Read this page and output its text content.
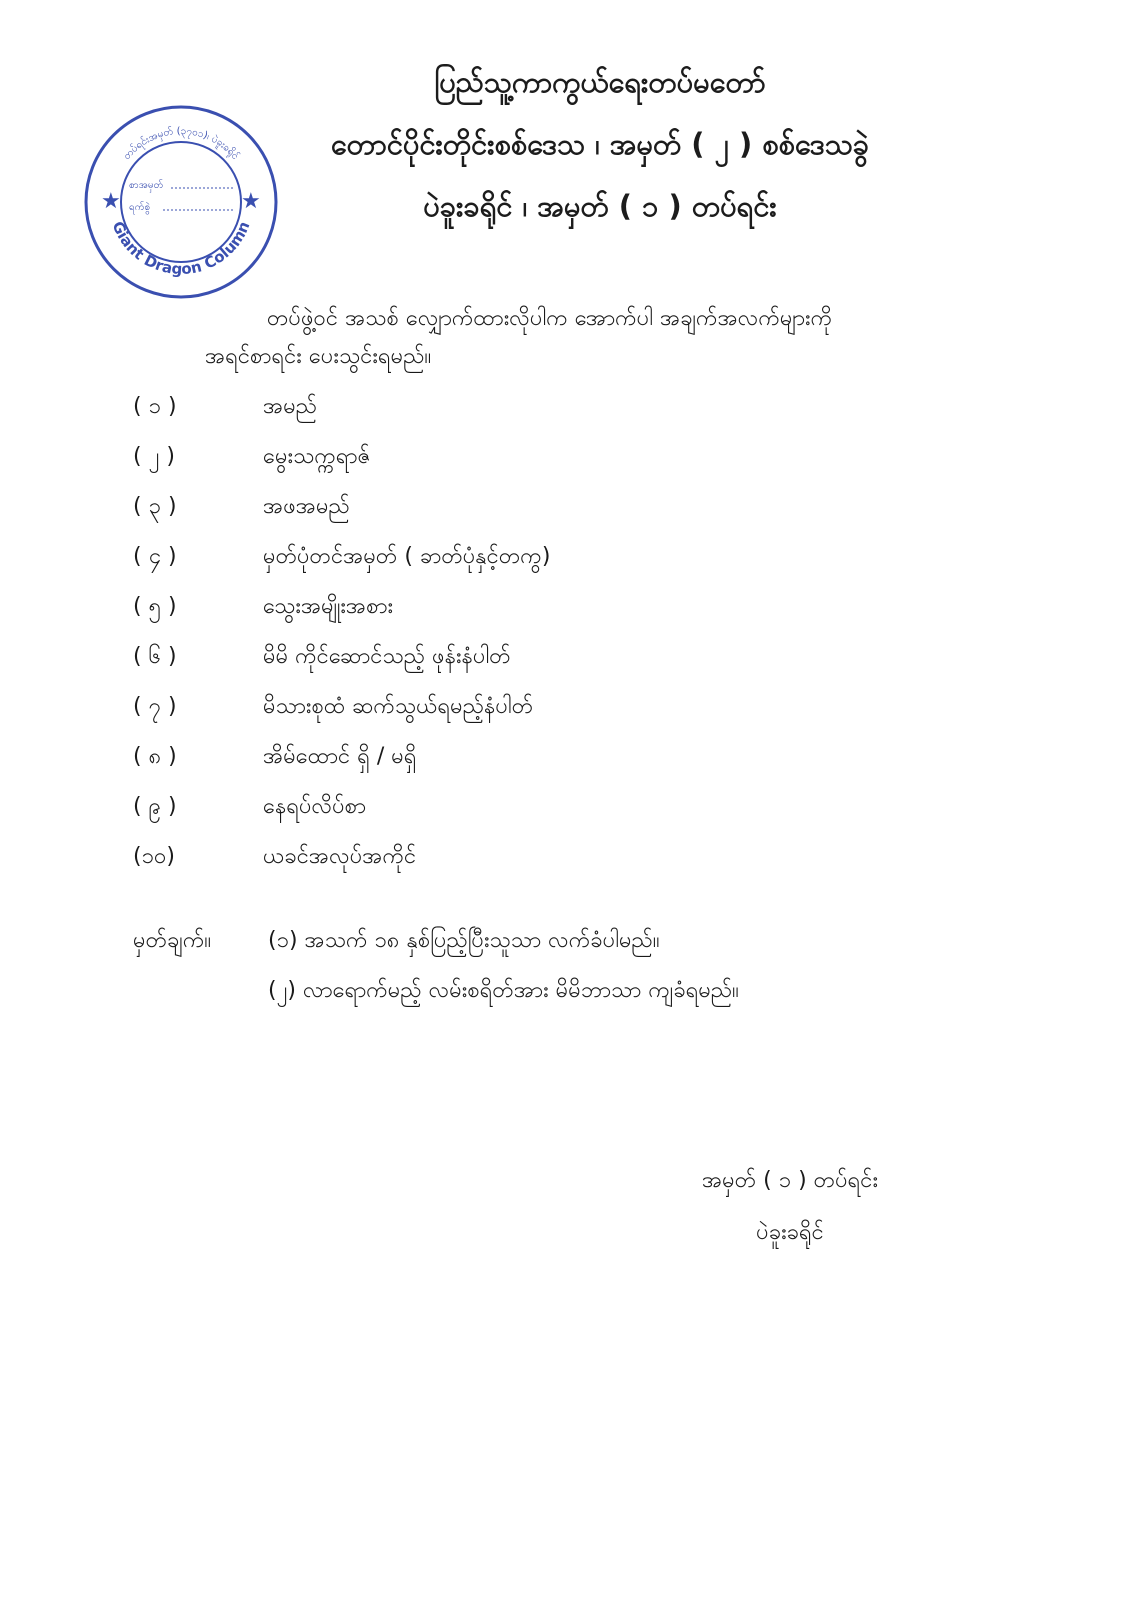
တပ်ရင်းအမှတ် (၃၇၀၁)၊ ပဲခူးခရိုင်
Giant Dragon Column
★	★
စာအမှတ်
ရက်စွဲ
ပြည်သူ့ကာကွယ်ရေးတပ်မတော်
တောင်ပိုင်းတိုင်းစစ်ဒေသ ၊ အမှတ် ( ၂ ) စစ်ဒေသခွဲ
ပဲခူးခရိုင် ၊ အမှတ် ( ၁ ) တပ်ရင်း
တပ်ဖွဲ့ဝင် အသစ် လျှောက်ထားလိုပါက အောက်ပါ အချက်အလက်များကို
အရင်စာရင်း ပေးသွင်းရမည်။
( ၁ )	အမည်
( ၂ )	မွေးသက္ကရာဇ်
( ၃ )	အဖအမည်
( ၄ )	မှတ်ပုံတင်အမှတ် ( ခာတ်ပုံနှင့်တကွ)
( ၅ )	သွေးအမျိုးအစား
( ၆ )	မိမိ ကိုင်ဆောင်သည့် ဖုန်းနံပါတ်
( ၇ )	မိသားစုထံ ဆက်သွယ်ရမည့်နံပါတ်
( ၈ )	အိမ်ထောင် ရှိ / မရှိ
( ၉ )	နေရပ်လိပ်စာ
(၁၀)	ယခင်အလုပ်အကိုင်
မှတ်ချက်။	(၁) အသက် ၁၈ နှစ်ပြည့်ပြီးသူသာ လက်ခံပါမည်။
(၂) လာရောက်မည့် လမ်းစရိတ်အား မိမိဘာသာ ကျခံရမည်။
အမှတ် ( ၁ ) တပ်ရင်း
ပဲခူးခရိုင်
